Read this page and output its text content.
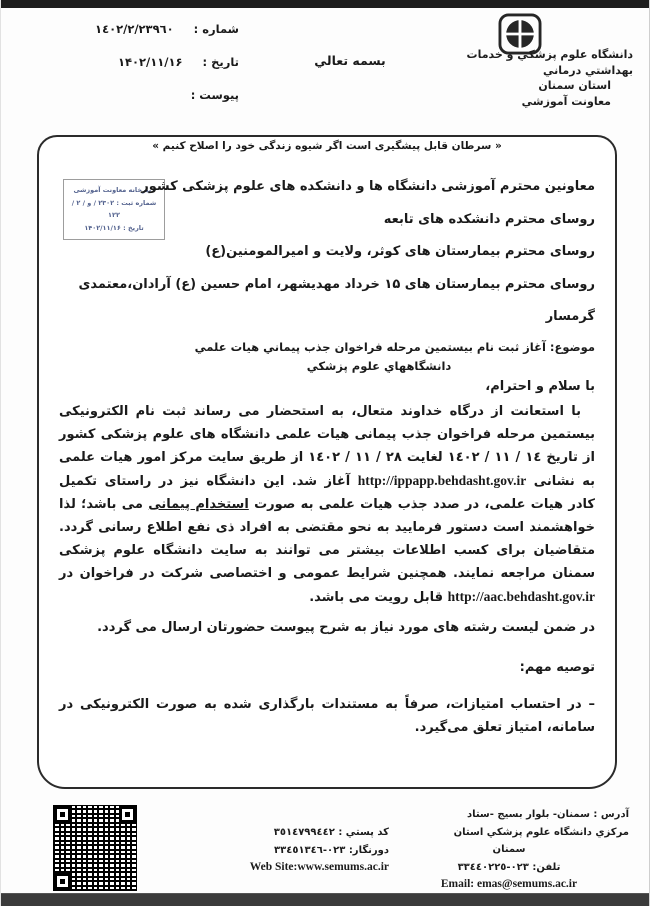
دانشگاه علوم پزشكي و خدمات
بهداشتي درماني
استان سمنان
معاونت آموزشي
بسمه تعالي
شماره :
١٤٠٢/٢/٢٣٩٦٠
تاريخ :
۱۴۰۲/۱۱/۱۶
پيوست :
« سرطان قابل پیشگیری است اگر شیوه زندگی خود را اصلاح کنیم »
دبیرخانه معاونت آموزشی
شماره ثبت : ۲۳۰۲ / و / ۲ / ۱۲۲
تاریخ : ۱۴۰۲/۱۱/۱۶
معاونین محترم آموزشی دانشگاه ها و دانشکده های علوم پزشکی کشور
روسای محترم دانشکده های تابعه
روسای محترم بیمارستان های کوثر، ولایت و امیرالمومنین(ع)
روسای محترم بیمارستان های ۱۵ خرداد مهدیشهر، امام حسین (ع) آرادان،معتمدی گرمسار
موضوع: آغاز ثبت نام بيستمين مرحله فراخوان جذب پيماني هيات علمي
دانشگاههاي علوم پزشكي
با سلام و احترام،
با استعانت از درگاه خداوند متعال، به استحضار می رساند ثبت نام الکترونیکی بیستمین مرحله فراخوان جذب پیمانی هیات علمی دانشگاه های علوم پزشکی کشور از تاریخ ١٤ / ١١ / ١٤٠٢ لغایت ٢٨ / ١١ / ١٤٠٢ از طریق سایت مرکز امور هیات علمی به نشانی http://ippapp.behdasht.gov.ir آغاز شد. این دانشگاه نیز در راستای تکمیل کادر هیات علمی، در صدد جذب هیات علمی به صورت استخدام پیمانی می باشد؛ لذا خواهشمند است دستور فرمایید به نحو مقتضی به افراد ذی نفع اطلاع رسانی گردد. متقاضیان برای کسب اطلاعات بیشتر می توانند به سایت دانشگاه علوم پزشکی سمنان مراجعه نمایند. همچنین شرایط عمومی و اختصاصی شرکت در فراخوان در http://aac.behdasht.gov.ir قابل رویت می باشد.
در ضمن لیست رشته های مورد نیاز به شرح پیوست حضورتان ارسال می گردد.
توصیه مهم:
– در احتساب امتیازات، صرفاً به مستندات بارگذاری شده به صورت الکترونیکی در سامانه، امتیاز تعلق می‌گیرد.
آدرس : سمنان- بلوار بسیج -ستاد
مركزي دانشگاه علوم پزشكي استان
سمنان
تلفن: ٠٢٣-٣٣٤٤٠٢٢٥
Email: emas@semums.ac.ir
كد پستي : ٣٥١٤٧٩٩٤٤٢
دورنگار: ٠٢٣-٣٣٤٥١٣٤٦
Web Site:www.semums.ac.ir
